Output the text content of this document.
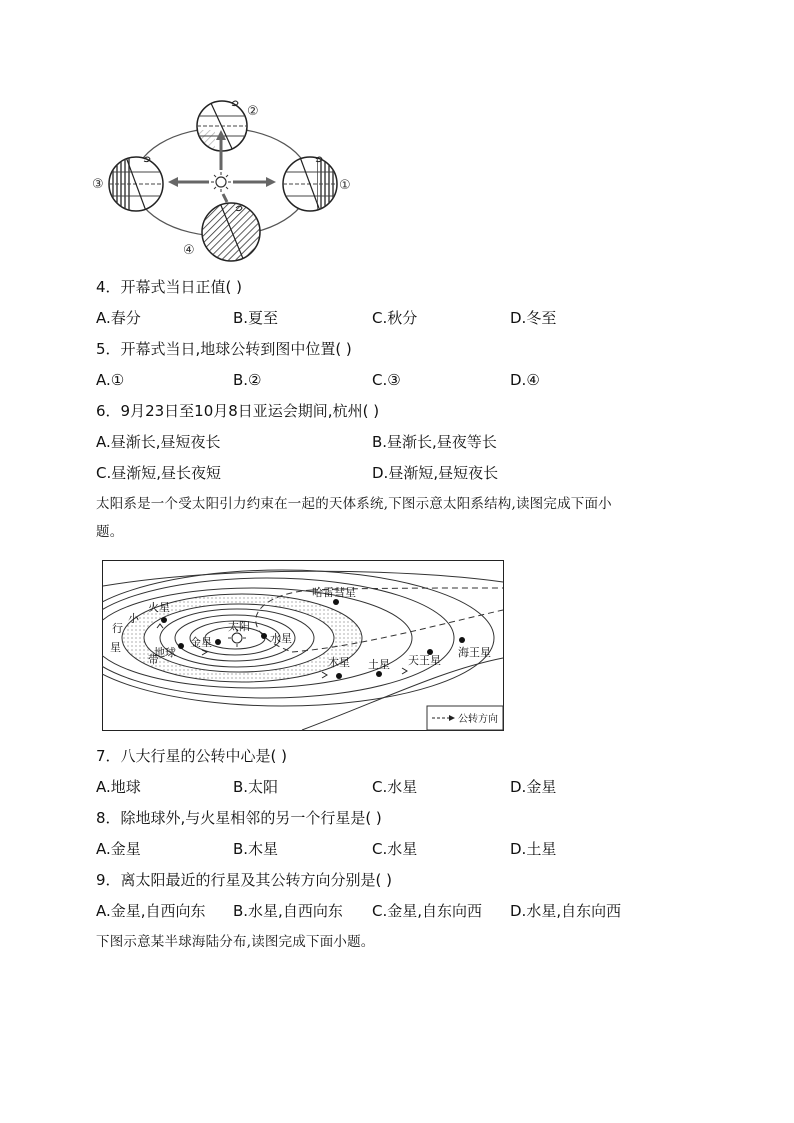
②
③	①
④
4．开幕式当日正值( )
A.春分	B.夏至	C.秋分	D.冬至
5．开幕式当日,地球公转到图中位置( )
A.①	B.②	C.③	D.④
6．9月23日至10月8日亚运会期间,杭州( )
A.昼渐长,昼短夜长	B.昼渐长,昼夜等长
C.昼渐短,昼长夜短	D.昼渐短,昼短夜长
太阳系是一个受太阳引力约束在一起的天体系统,下图示意太阳系结构,读图完成下面小
题。
哈雷彗星
火星
小
行
星
带
太阳
金星	水星
地球
木星 土星 天王星
海王星
公转方向
7．八大行星的公转中心是( )
A.地球	B.太阳	C.水星	D.金星
8．除地球外,与火星相邻的另一个行星是( )
A.金星	B.木星	C.水星	D.土星
9．离太阳最近的行星及其公转方向分别是( )
A.金星,自西向东 B.水星,自西向东 C.金星,自东向西 D.水星,自东向西
下图示意某半球海陆分布,读图完成下面小题。
